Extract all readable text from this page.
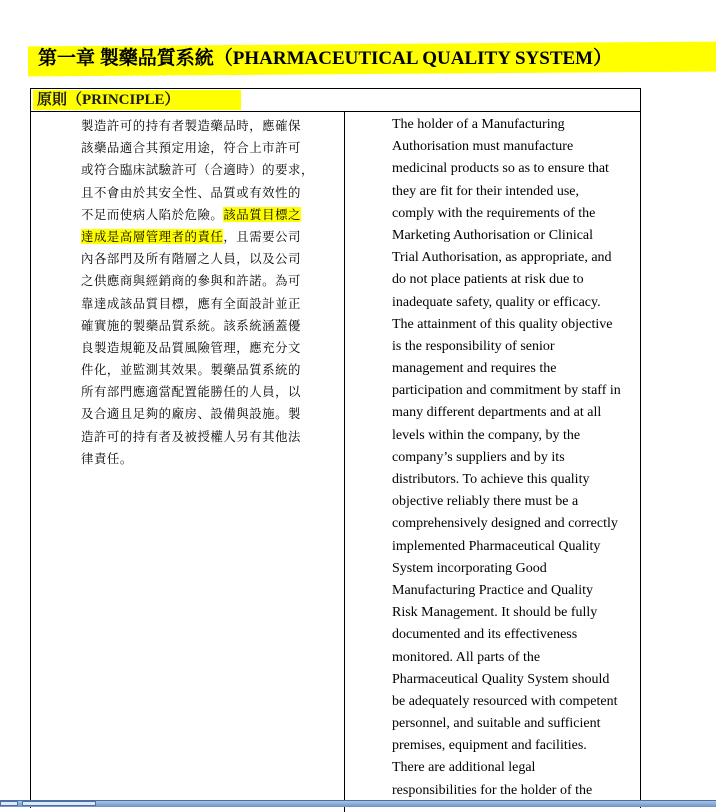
第一章 製藥品質系統（PHARMACEUTICAL QUALITY SYSTEM）
原則（PRINCIPLE）
製造許可的持有者製造藥品時，應確保
該藥品適合其預定用途，符合上市許可
或符合臨床試驗許可（合適時）的要求，
且不會由於其安全性、品質或有效性的
不足而使病人陷於危險。該品質目標之
達成是高層管理者的責任，且需要公司
內各部門及所有階層之人員，以及公司
之供應商與經銷商的參與和許諾。為可
靠達成該品質目標，應有全面設計並正
確實施的製藥品質系統。該系統涵蓋優
良製造規範及品質風險管理，應充分文
件化，並監測其效果。製藥品質系統的
所有部門應適當配置能勝任的人員，以
及合適且足夠的廠房、設備與設施。製
造許可的持有者及被授權人另有其他法
律責任。
The holder of a Manufacturing
Authorisation must manufacture
medicinal products so as to ensure that
they are fit for their intended use,
comply with the requirements of the
Marketing Authorisation or Clinical
Trial Authorisation, as appropriate, and
do not place patients at risk due to
inadequate safety, quality or efficacy.
The attainment of this quality objective
is the responsibility of senior
management and requires the
participation and commitment by staff in
many different departments and at all
levels within the company, by the
company’s suppliers and by its
distributors. To achieve this quality
objective reliably there must be a
comprehensively designed and correctly
implemented Pharmaceutical Quality
System incorporating Good
Manufacturing Practice and Quality
Risk Management. It should be fully
documented and its effectiveness
monitored. All parts of the
Pharmaceutical Quality System should
be adequately resourced with competent
personnel, and suitable and sufficient
premises, equipment and facilities.
There are additional legal
responsibilities for the holder of the
